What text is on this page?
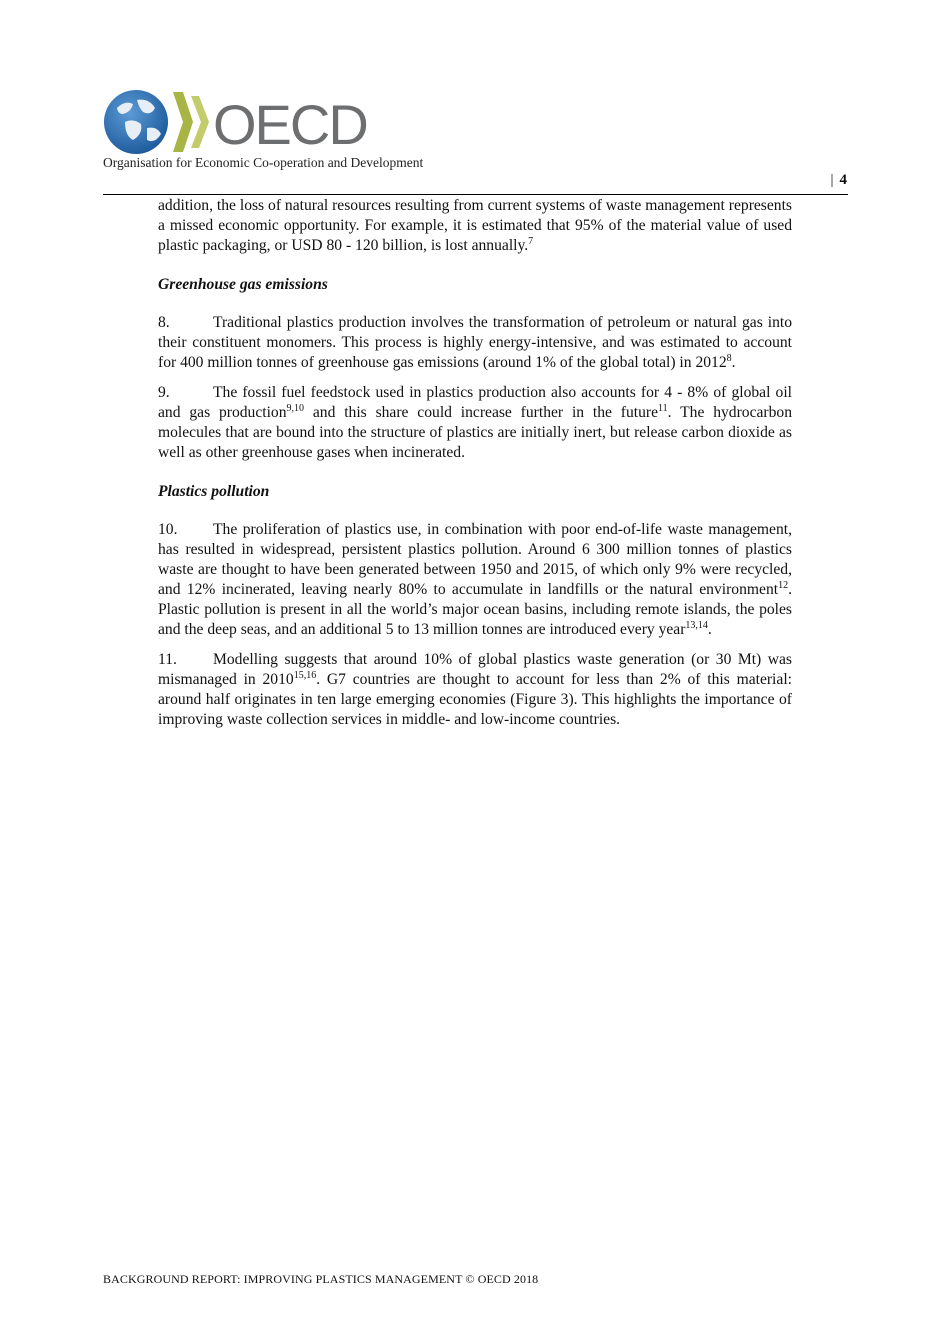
OECD
Organisation for Economic Co-operation and Development
| 4

addition, the loss of natural resources resulting from current systems of waste management represents a missed economic opportunity. For example, it is estimated that 95% of the material value of used plastic packaging, or USD 80 - 120 billion, is lost annually.$^7$

Greenhouse gas emissions

8.	Traditional plastics production involves the transformation of petroleum or natural gas into their constituent monomers. This process is highly energy-intensive, and was estimated to account for 400 million tonnes of greenhouse gas emissions (around 1% of the global total) in 2012$^8$.

9.	The fossil fuel feedstock used in plastics production also accounts for 4 - 8% of global oil and gas production$^{9,10}$ and this share could increase further in the future$^{11}$. The hydrocarbon molecules that are bound into the structure of plastics are initially inert, but release carbon dioxide as well as other greenhouse gases when incinerated.

Plastics pollution

10. The proliferation of plastics use, in combination with poor end-of-life waste management, has resulted in widespread, persistent plastics pollution. Around 6 300 million tonnes of plastics waste are thought to have been generated between 1950 and 2015, of which only 9% were recycled, and 12% incinerated, leaving nearly 80% to accumulate in landfills or the natural environment$^{12}$. Plastic pollution is present in all the world’s major ocean basins, including remote islands, the poles and the deep seas, and an additional 5 to 13 million tonnes are introduced every year$^{13,14}$.

11. Modelling suggests that around 10% of global plastics waste generation (or 30 Mt) was mismanaged in 2010$^{15,16}$. G7 countries are thought to account for less than 2% of this material: around half originates in ten large emerging economies (Figure 3). This highlights the importance of improving waste collection services in middle- and low-income countries.

BACKGROUND REPORT: IMPROVING PLASTICS MANAGEMENT © OECD 2018
